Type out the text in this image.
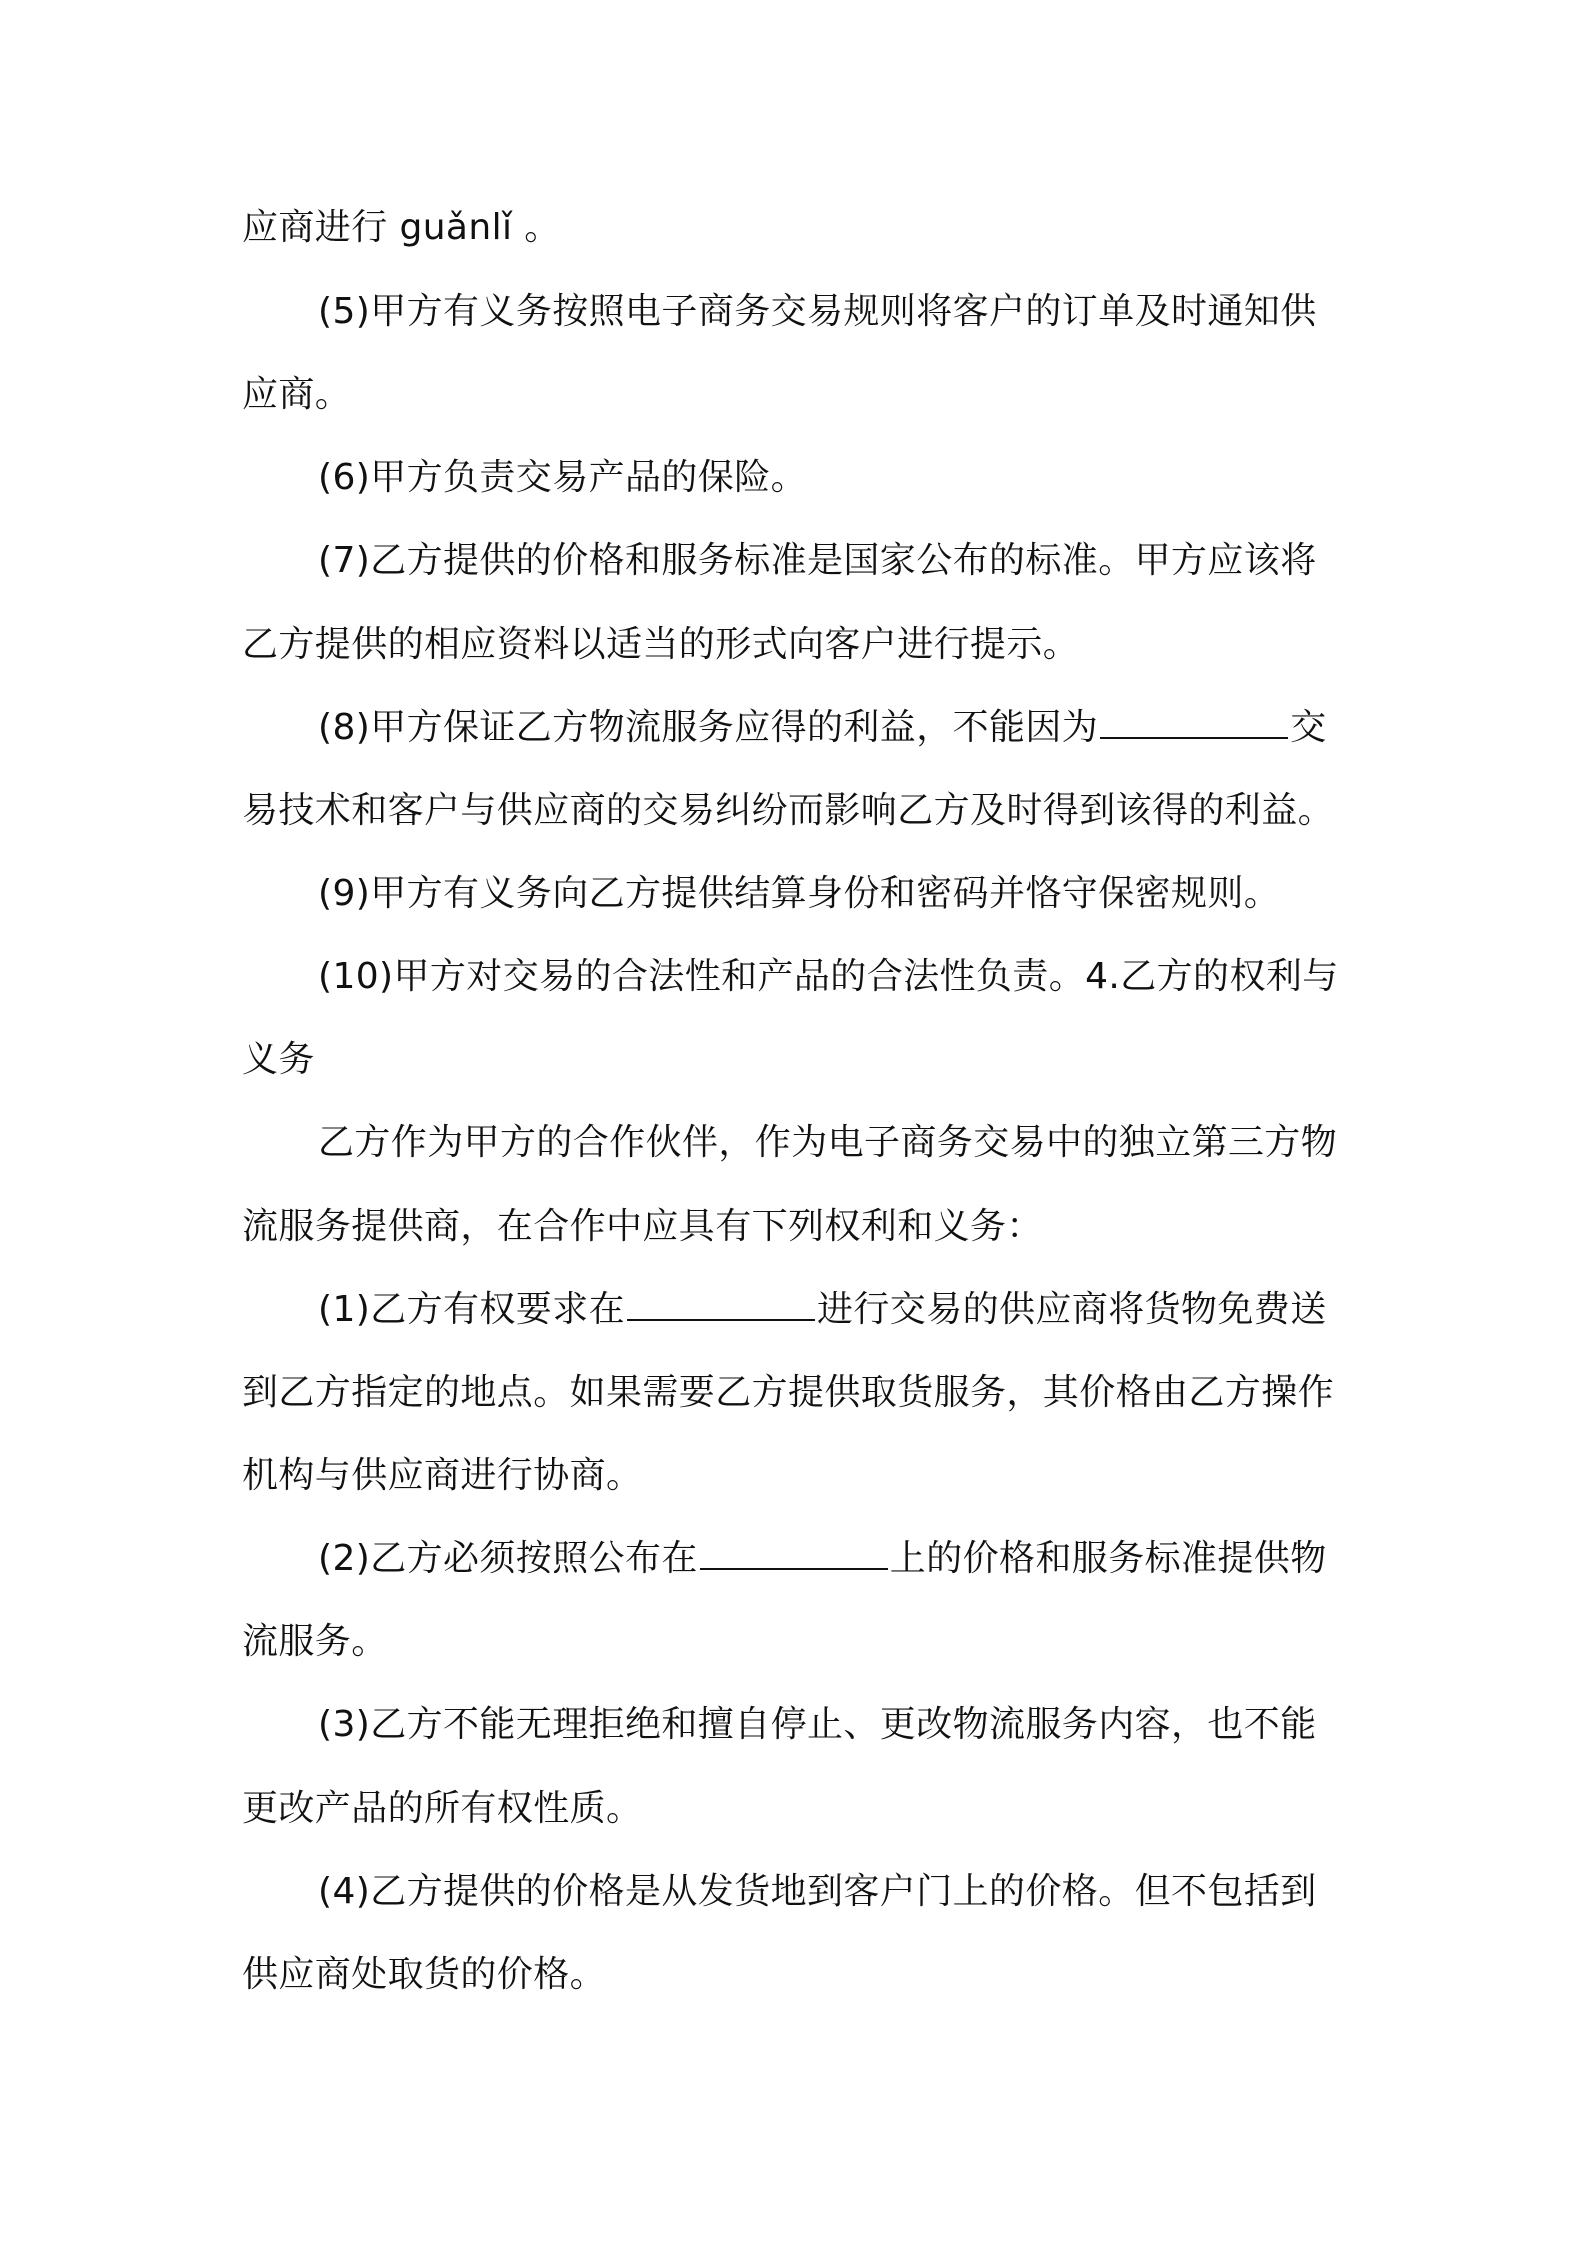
应商进行 guǎnlǐ 。
(5)甲方有义务按照电子商务交易规则将客户的订单及时通知供
应商。
(6)甲方负责交易产品的保险。
(7)乙方提供的价格和服务标准是国家公布的标准。甲方应该将
乙方提供的相应资料以适当的形式向客户进行提示。
(8)甲方保证乙方物流服务应得的利益，不能因为	交
易技术和客户与供应商的交易纠纷而影响乙方及时得到该得的利益。
(9)甲方有义务向乙方提供结算身份和密码并恪守保密规则。
(10)甲方对交易的合法性和产品的合法性负责。4.乙方的权利与
义务
乙方作为甲方的合作伙伴，作为电子商务交易中的独立第三方物
流服务提供商，在合作中应具有下列权利和义务：
(1)乙方有权要求在	进行交易的供应商将货物免费送
到乙方指定的地点。如果需要乙方提供取货服务，其价格由乙方操作
机构与供应商进行协商。
(2)乙方必须按照公布在	上的价格和服务标准提供物
流服务。
(3)乙方不能无理拒绝和擅自停止、更改物流服务内容，也不能
更改产品的所有权性质。
(4)乙方提供的价格是从发货地到客户门上的价格。但不包括到
供应商处取货的价格。
